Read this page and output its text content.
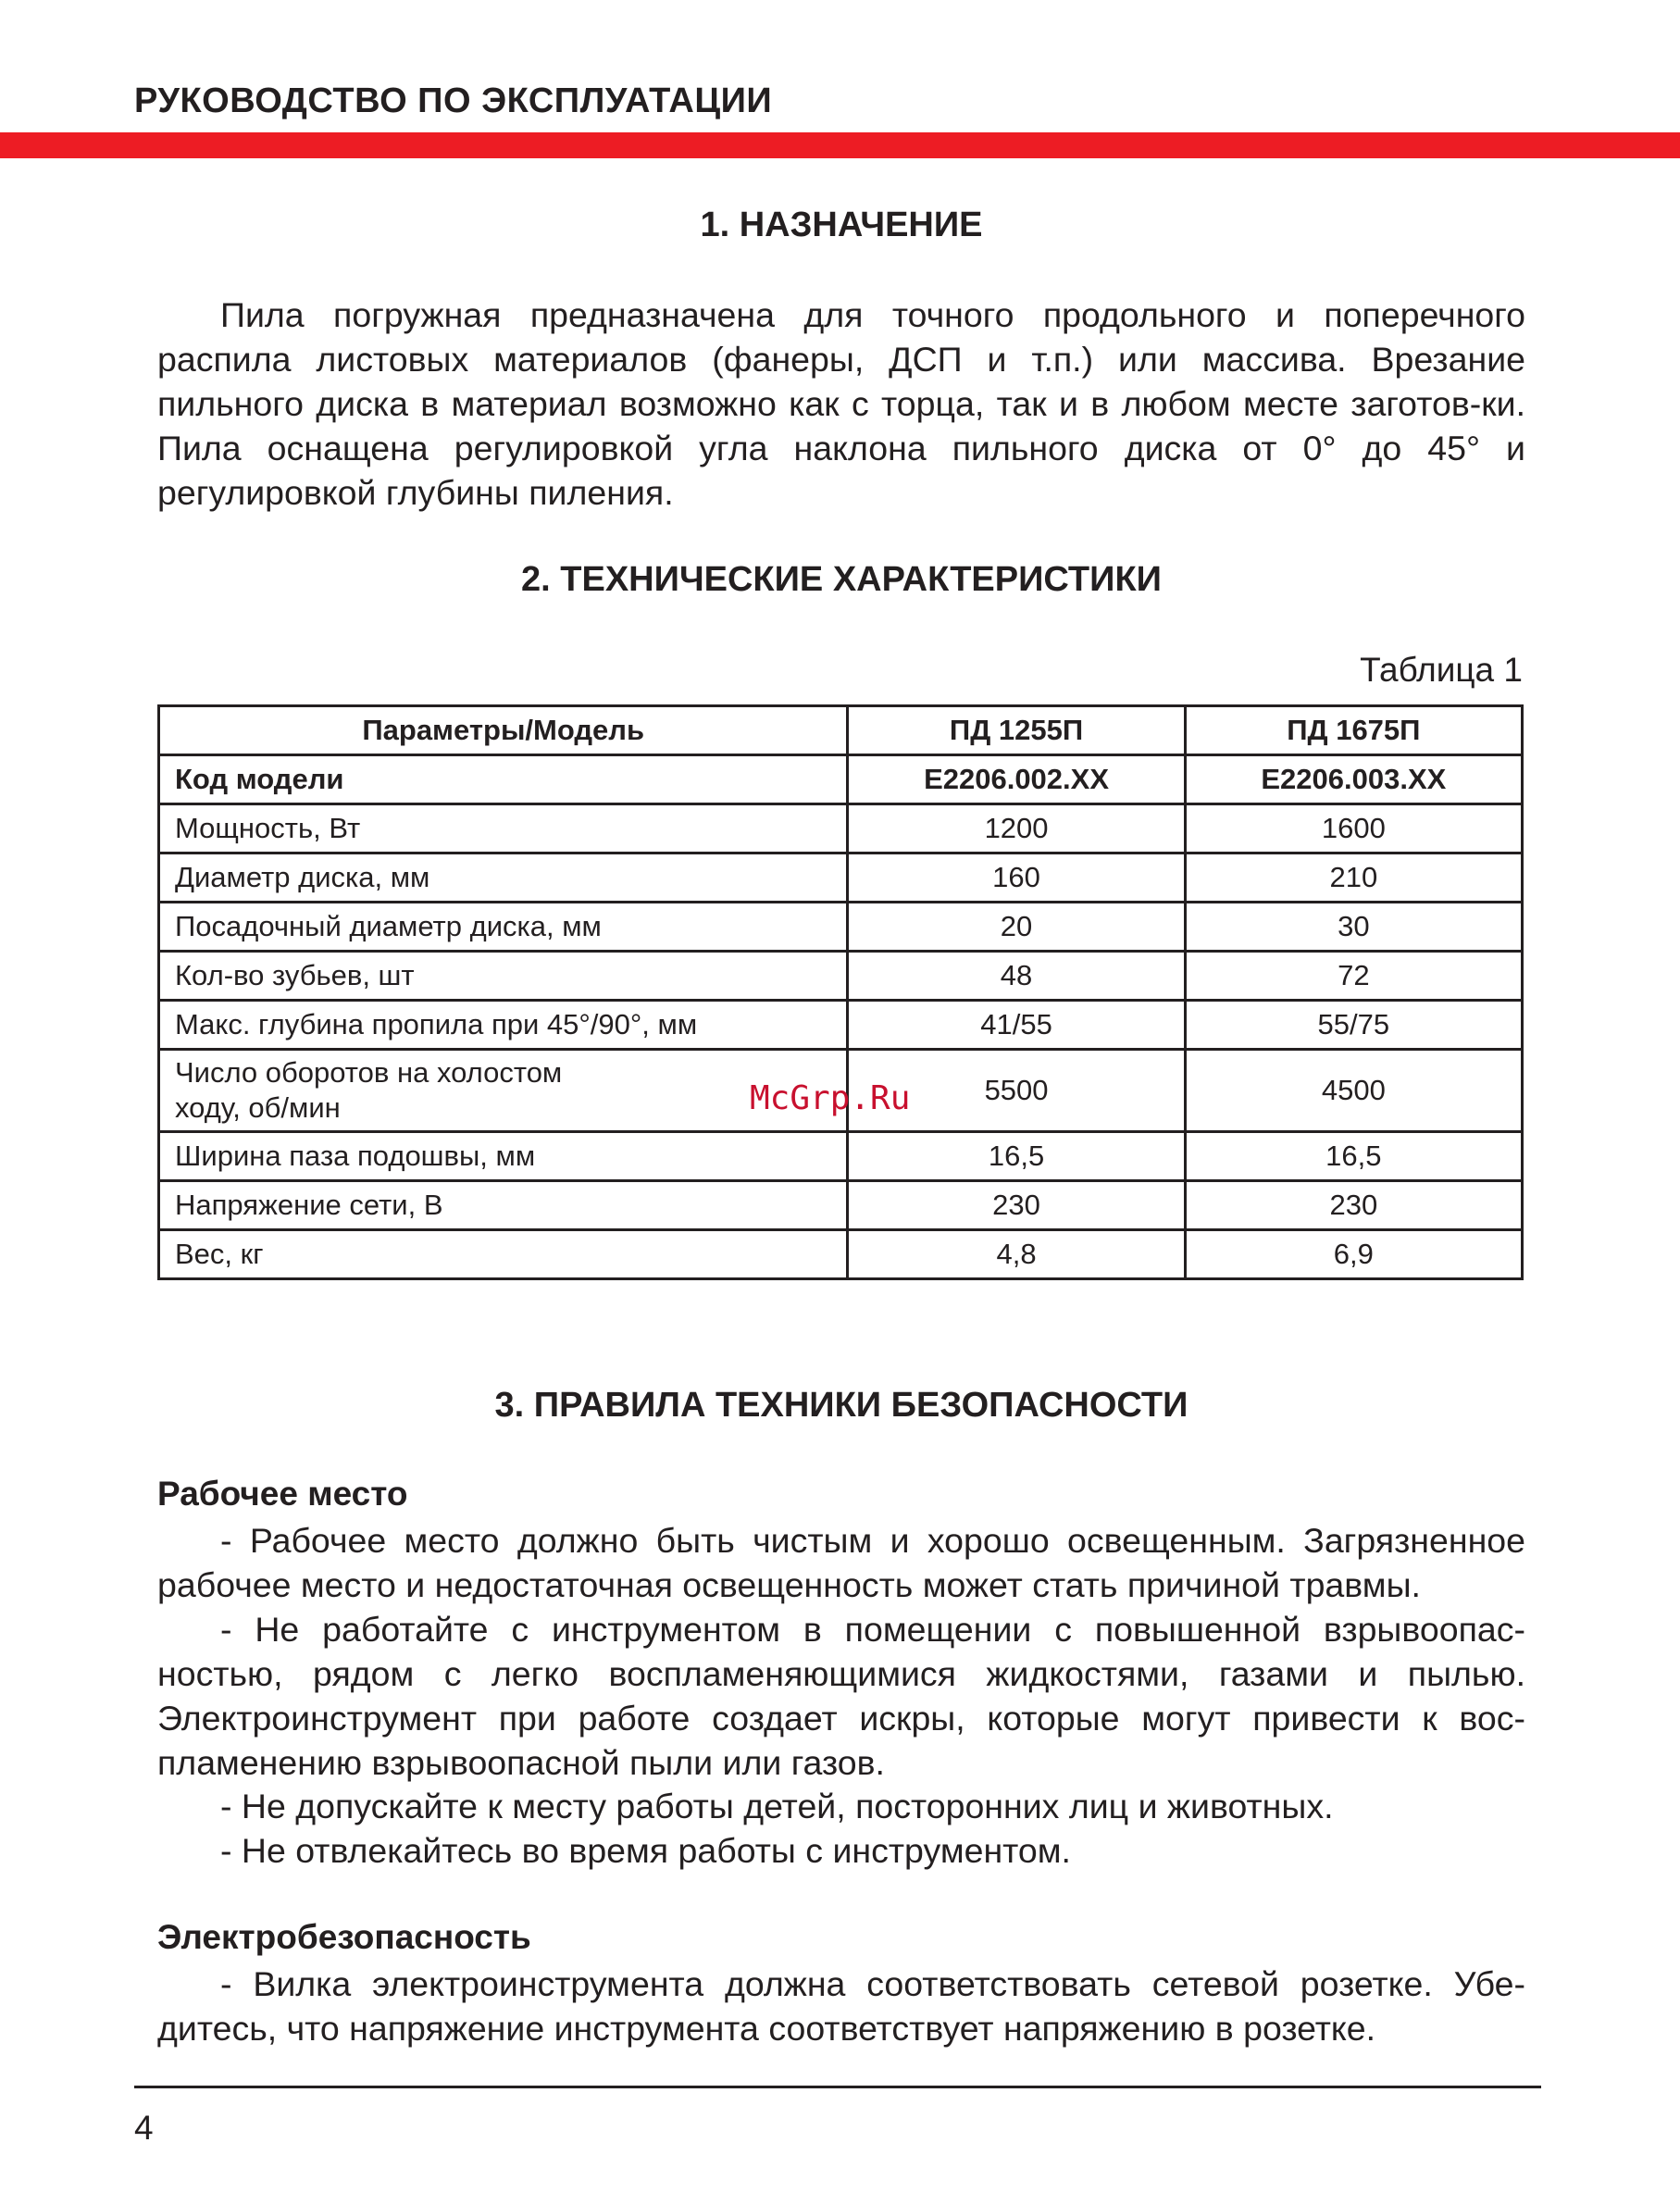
РУКОВОДСТВО ПО ЭКСПЛУАТАЦИИ
1. НАЗНАЧЕНИЕ

Пила погружная предназначена для точного продольного и поперечного распила листовых материалов (фанеры, ДСП и т.п.) или массива. Врезание пильного диска в материал возможно как с торца, так и в любом месте заготов-ки. Пила оснащена регулировкой угла наклона пильного диска от 0° до 45° и регулировкой глубины пиления.

2. ТЕХНИЧЕСКИЕ ХАРАКТЕРИСТИКИ
Таблица 1
Параметры/Модель	ПД 1255П	ПД 1675П
Код модели	E2206.002.XX	E2206.003.XX
Мощность, Вт	1200	1600
Диаметр диска, мм	160	210
Посадочный диаметр диска, мм	20	30
Кол-во зубьев, шт	48	72
Макс. глубина пропила при 45°/90°, мм	41/55	55/75
Число оборотов на холостом ходу, об/мин	5500	4500
Ширина паза подошвы, мм	16,5	16,5
Напряжение сети, В	230	230
Вес, кг	4,8	6,9
McGrp.Ru
3. ПРАВИЛА ТЕХНИКИ БЕЗОПАСНОСТИ
Рабочее место

- Рабочее место должно быть чистым и хорошо освещенным. Загрязненное рабочее место и недостаточная освещенность может стать причиной травмы.

- Не работайте с инструментом в помещении с повышенной взрывоопас-ностью, рядом с легко воспламеняющимися жидкостями, газами и пылью. Электроинструмент при работе создает искры, которые могут привести к вос-пламенению взрывоопасной пыли или газов.

- Не допускайте к месту работы детей, посторонних лиц и животных.

- Не отвлекайтесь во время работы с инструментом.

Электробезопасность

- Вилка электроинструмента должна соответствовать сетевой розетке. Убе-дитесь, что напряжение инструмента соответствует напряжению в розетке.

4
